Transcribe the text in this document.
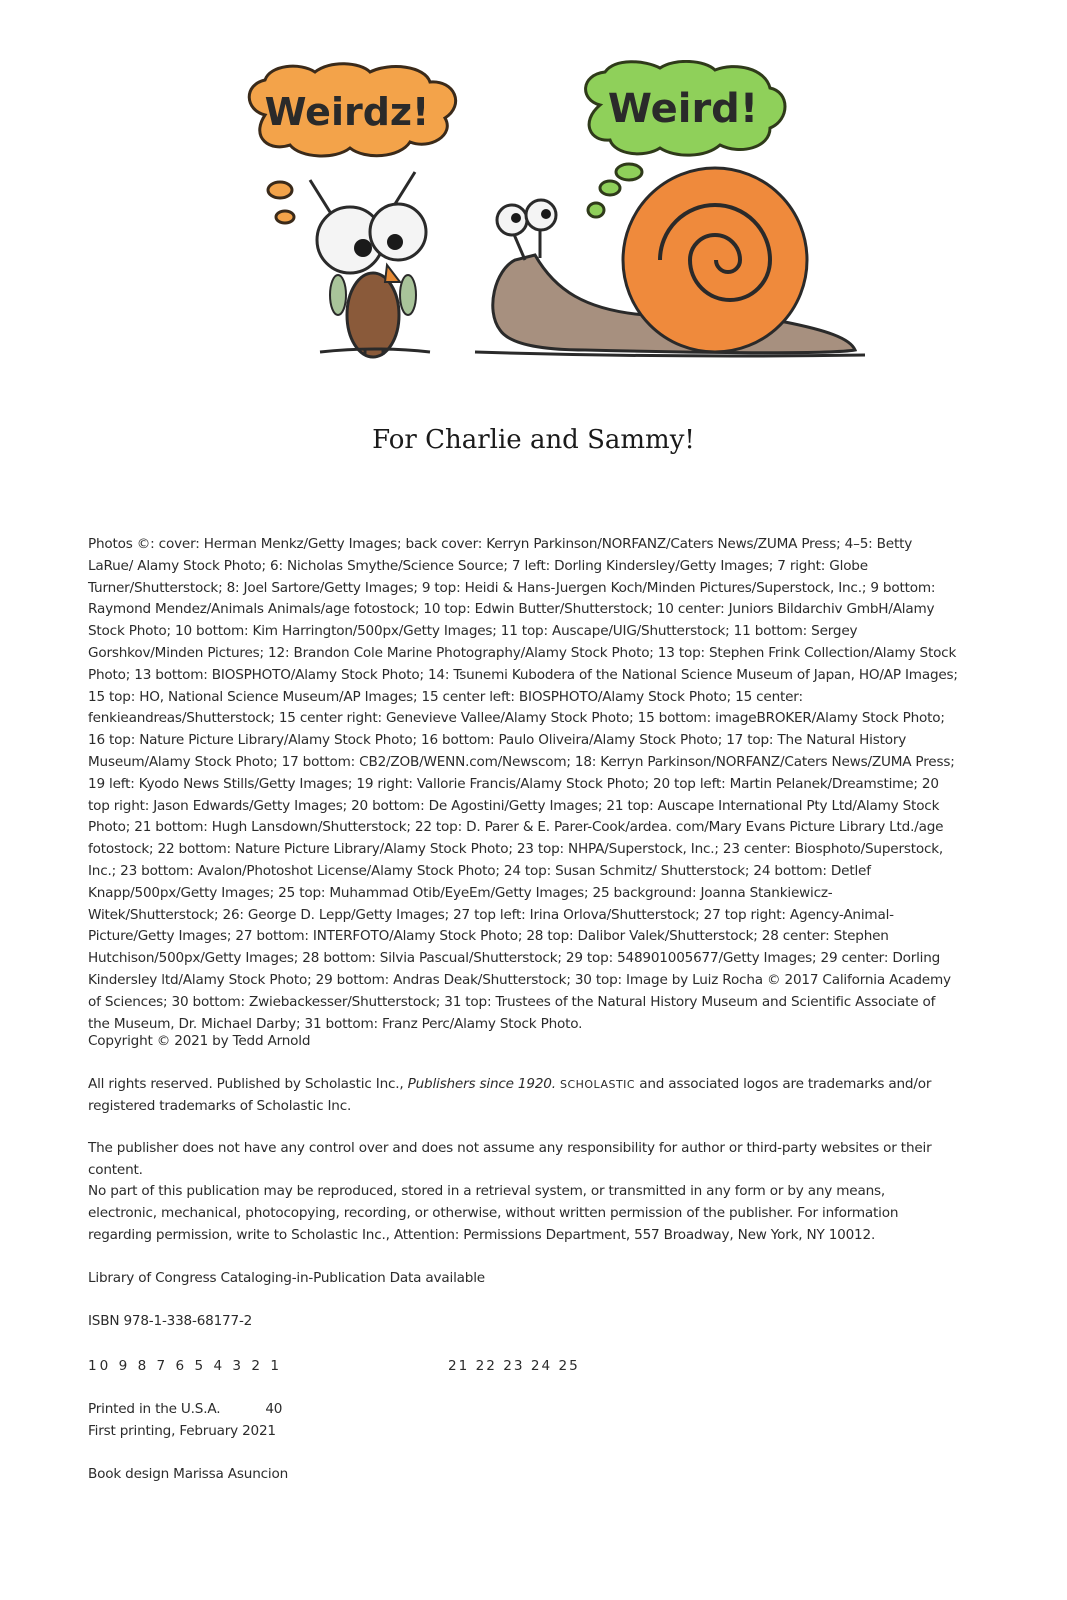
Weirdz!	Weird!
For Charlie and Sammy!
Photos ©: cover: Herman Menkz/Getty Images; back cover: Kerryn Parkinson/NORFANZ/Caters News/ZUMA Press; 4–5: Betty LaRue/ Alamy Stock Photo; 6: Nicholas Smythe/Science Source; 7 left: Dorling Kindersley/Getty Images; 7 right: Globe Turner/Shutterstock; 8: Joel Sartore/Getty Images; 9 top: Heidi & Hans-Juergen Koch/Minden Pictures/Superstock, Inc.; 9 bottom: Raymond Mendez/Animals Animals/age fotostock; 10 top: Edwin Butter/Shutterstock; 10 center: Juniors Bildarchiv GmbH/Alamy Stock Photo; 10 bottom: Kim Harrington/500px/Getty Images; 11 top: Auscape/UIG/Shutterstock; 11 bottom: Sergey Gorshkov/Minden Pictures; 12: Brandon Cole Marine Photography/Alamy Stock Photo; 13 top: Stephen Frink Collection/Alamy Stock Photo; 13 bottom: BIOSPHOTO/Alamy Stock Photo; 14: Tsunemi Kubodera of the National Science Museum of Japan, HO/AP Images; 15 top: HO, National Science Museum/AP Images; 15 center left: BIOSPHOTO/Alamy Stock Photo; 15 center: fenkieandreas/Shutterstock; 15 center right: Genevieve Vallee/Alamy Stock Photo; 15 bottom: imageBROKER/Alamy Stock Photo; 16 top: Nature Picture Library/Alamy Stock Photo; 16 bottom: Paulo Oliveira/Alamy Stock Photo; 17 top: The Natural History Museum/Alamy Stock Photo; 17 bottom: CB2/ZOB/WENN.com/Newscom; 18: Kerryn Parkinson/NORFANZ/Caters News/ZUMA Press; 19 left: Kyodo News Stills/Getty Images; 19 right: Vallorie Francis/Alamy Stock Photo; 20 top left: Martin Pelanek/Dreamstime; 20 top right: Jason Edwards/Getty Images; 20 bottom: De Agostini/Getty Images; 21 top: Auscape International Pty Ltd/Alamy Stock Photo; 21 bottom: Hugh Lansdown/Shutterstock; 22 top: D. Parer & E. Parer-Cook/ardea. com/Mary Evans Picture Library Ltd./age fotostock; 22 bottom: Nature Picture Library/Alamy Stock Photo; 23 top: NHPA/Superstock, Inc.; 23 center: Biosphoto/Superstock, Inc.; 23 bottom: Avalon/Photoshot License/Alamy Stock Photo; 24 top: Susan Schmitz/ Shutterstock; 24 bottom: Detlef Knapp/500px/Getty Images; 25 top: Muhammad Otib/EyeEm/Getty Images; 25 background: Joanna Stankiewicz-Witek/Shutterstock; 26: George D. Lepp/Getty Images; 27 top left: Irina Orlova/Shutterstock; 27 top right: Agency-Animal-Picture/Getty Images; 27 bottom: INTERFOTO/Alamy Stock Photo; 28 top: Dalibor Valek/Shutterstock; 28 center: Stephen Hutchison/500px/Getty Images; 28 bottom: Silvia Pascual/Shutterstock; 29 top: 548901005677/Getty Images; 29 center: Dorling Kindersley ltd/Alamy Stock Photo; 29 bottom: Andras Deak/Shutterstock; 30 top: Image by Luiz Rocha © 2017 California Academy of Sciences; 30 bottom: Zwiebackesser/Shutterstock; 31 top: Trustees of the Natural History Museum and Scientific Associate of the Museum, Dr. Michael Darby; 31 bottom: Franz Perc/Alamy Stock Photo.
Copyright © 2021 by Tedd Arnold
All rights reserved. Published by Scholastic Inc., Publishers since 1920. SCHOLASTIC and associated logos are trademarks and/or registered trademarks of Scholastic Inc.
The publisher does not have any control over and does not assume any responsibility for author or third-party websites or their content.
No part of this publication may be reproduced, stored in a retrieval system, or transmitted in any form or by any means, electronic, mechanical, photocopying, recording, or otherwise, without written permission of the publisher. For information regarding permission, write to Scholastic Inc., Attention: Permissions Department, 557 Broadway, New York, NY 10012.
Library of Congress Cataloging-in-Publication Data available
ISBN 978-1-338-68177-2
10 9 8 7 6 5 4 3 2 1	21 22 23 24 25
Printed in the U.S.A.	40
First printing, February 2021
Book design Marissa Asuncion
